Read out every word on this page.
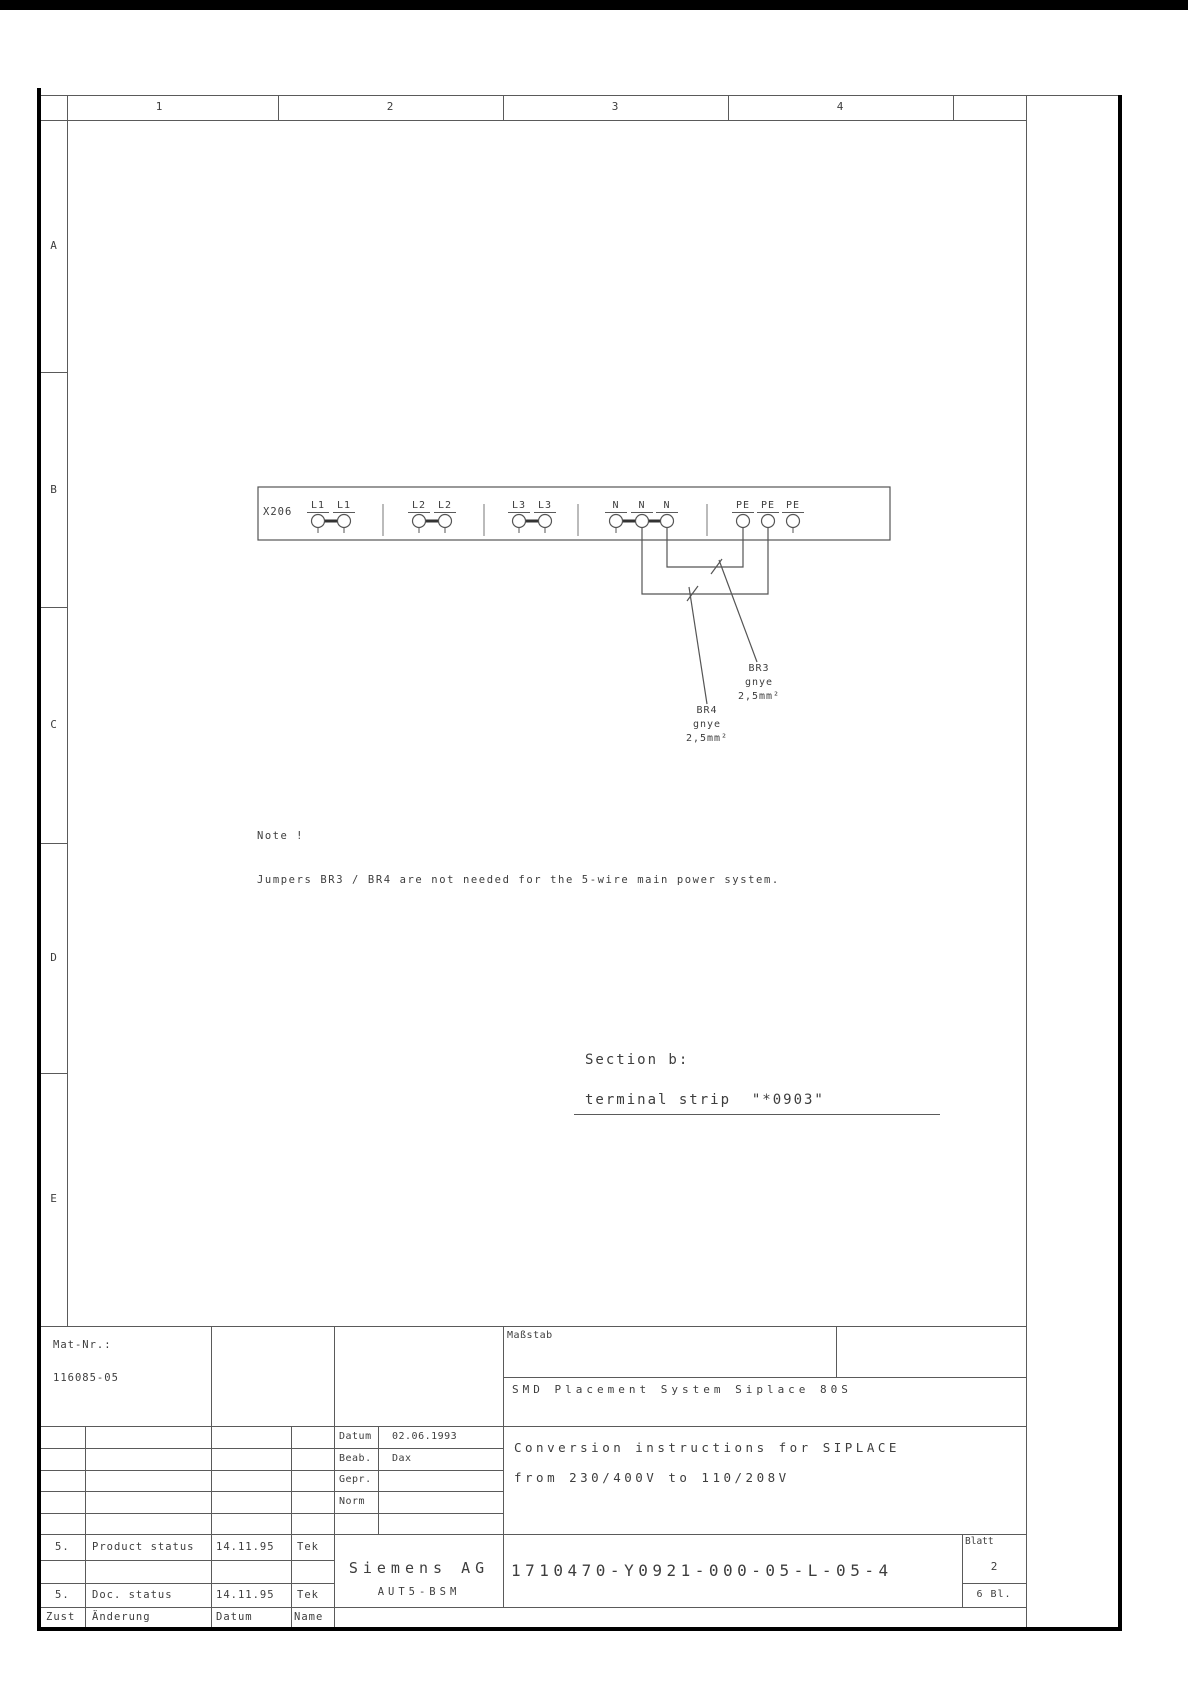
1	2	3	4
A
B
C
D
E
X206
L1	L1	L2	L2	L3	L3	N	N	N	PE	PE	PE
BR3
gnye
2,5mm²
BR4
gnye
2,5mm²
Note !
Jumpers BR3 / BR4 are not needed for the 5-wire main power system.
Section b:
terminal strip  "*0903"
Mat-Nr.:
116085-05
Maßstab
SMD Placement System Siplace 80S
Conversion instructions for SIPLACE
from 230/400V to 110/208V
Datum 02.06.1993
Beab. Dax
Gepr.
Norm
5. Product status 14.11.95 Tek
5. Doc. status	14.11.95 Tek
Zust Änderung	Datum	Name
Siemens AG
AUT5-BSM
1710470-Y0921-000-05-L-05-4
Blatt
2
6 Bl.
